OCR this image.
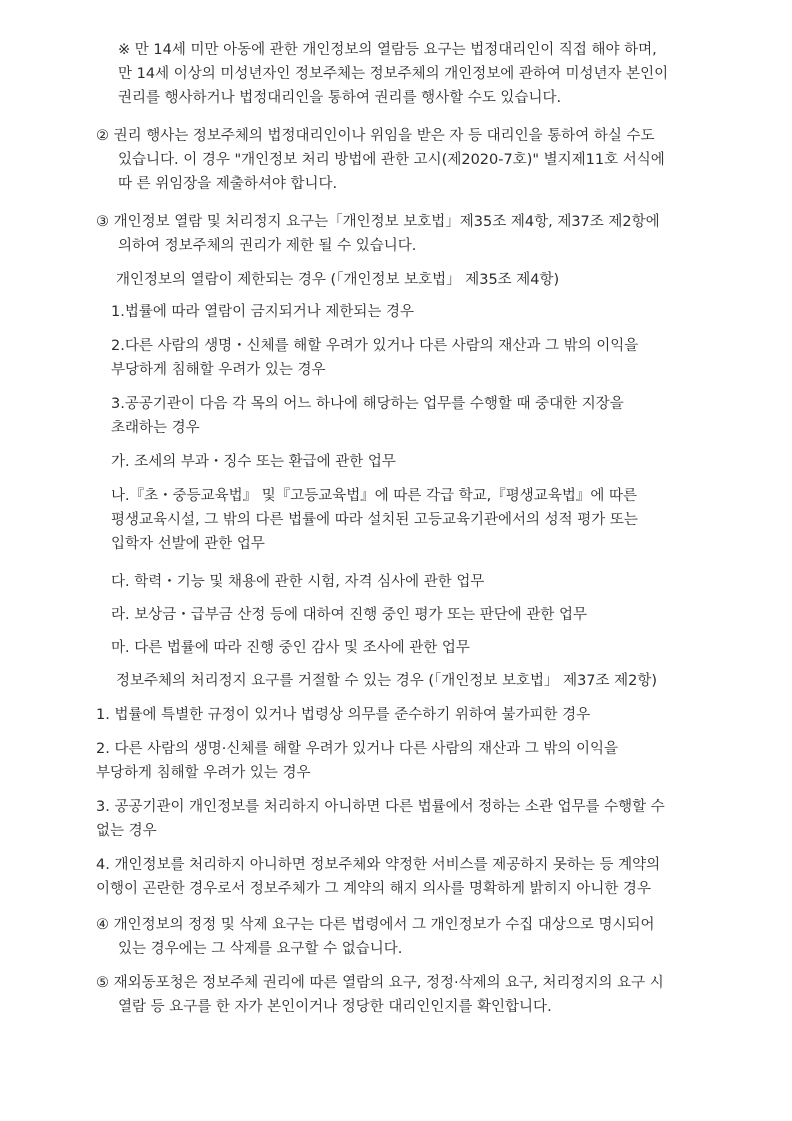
※ 만 14세 미만 아동에 관한 개인정보의 열람등 요구는 법정대리인이 직접 해야 하며,
만 14세 이상의 미성년자인 정보주체는 정보주체의 개인정보에 관하여 미성년자 본인이
권리를 행사하거나 법정대리인을 통하여 권리를 행사할 수도 있습니다.
② 권리 행사는 정보주체의 법정대리인이나 위임을 받은 자 등 대리인을 통하여 하실 수도
있습니다. 이 경우 "개인정보 처리 방법에 관한 고시(제2020-7호)" 별지제11호 서식에
따 른 위임장을 제출하셔야 합니다.
③ 개인정보 열람 및 처리정지 요구는「개인정보 보호법」제35조 제4항, 제37조 제2항에
의하여 정보주체의 권리가 제한 될 수 있습니다.
개인정보의 열람이 제한되는 경우 (「개인정보 보호법」 제35조 제4항)
1.법률에 따라 열람이 금지되거나 제한되는 경우
2.다른 사람의 생명・신체를 해할 우려가 있거나 다른 사람의 재산과 그 밖의 이익을
부당하게 침해할 우려가 있는 경우
3.공공기관이 다음 각 목의 어느 하나에 해당하는 업무를 수행할 때 중대한 지장을
초래하는 경우
가. 조세의 부과・징수 또는 환급에 관한 업무
나.『초・중등교육법』 및『고등교육법』에 따른 각급 학교,『평생교육법』에 따른
평생교육시설, 그 밖의 다른 법률에 따라 설치된 고등교육기관에서의 성적 평가 또는
입학자 선발에 관한 업무
다. 학력・기능 및 채용에 관한 시험, 자격 심사에 관한 업무
라. 보상금・급부금 산정 등에 대하여 진행 중인 평가 또는 판단에 관한 업무
마. 다른 법률에 따라 진행 중인 감사 및 조사에 관한 업무
정보주체의 처리정지 요구를 거절할 수 있는 경우 (「개인정보 보호법」 제37조 제2항)
1. 법률에 특별한 규정이 있거나 법령상 의무를 준수하기 위하여 불가피한 경우
2. 다른 사람의 생명·신체를 해할 우려가 있거나 다른 사람의 재산과 그 밖의 이익을
부당하게 침해할 우려가 있는 경우
3. 공공기관이 개인정보를 처리하지 아니하면 다른 법률에서 정하는 소관 업무를 수행할 수
없는 경우
4. 개인정보를 처리하지 아니하면 정보주체와 약정한 서비스를 제공하지 못하는 등 계약의
이행이 곤란한 경우로서 정보주체가 그 계약의 해지 의사를 명확하게 밝히지 아니한 경우
④ 개인정보의 정정 및 삭제 요구는 다른 법령에서 그 개인정보가 수집 대상으로 명시되어
있는 경우에는 그 삭제를 요구할 수 없습니다.
⑤ 재외동포청은 정보주체 권리에 따른 열람의 요구, 정정·삭제의 요구, 처리정지의 요구 시
열람 등 요구를 한 자가 본인이거나 정당한 대리인인지를 확인합니다.
